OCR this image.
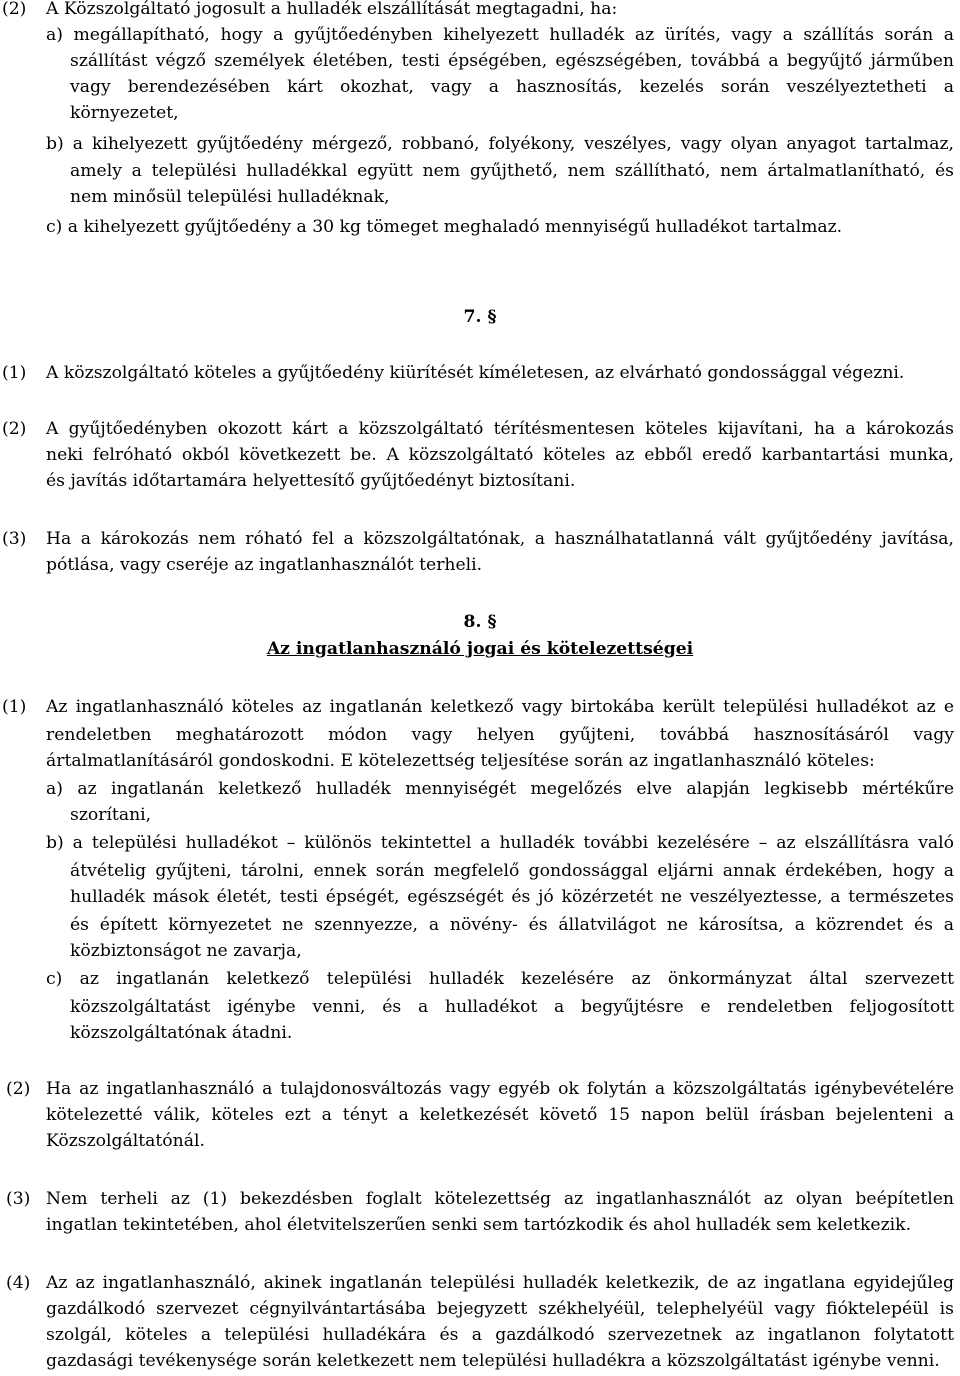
(2) A Közszolgáltató jogosult a hulladék elszállítását megtagadni, ha:
a) megállapítható, hogy a gyűjtőedényben kihelyezett hulladék az ürítés, vagy a szállítás során a
szállítást végző személyek életében, testi épségében, egészségében, továbbá a begyűjtő járműben
vagy berendezésében kárt okozhat, vagy a hasznosítás, kezelés során veszélyeztetheti a
környezetet,
b) a kihelyezett gyűjtőedény mérgező, robbanó, folyékony, veszélyes, vagy olyan anyagot tartalmaz,
amely a települési hulladékkal együtt nem gyűjthető, nem szállítható, nem ártalmatlanítható, és
nem minősül települési hulladéknak,
c) a kihelyezett gyűjtőedény a 30 kg tömeget meghaladó mennyiségű hulladékot tartalmaz.
7. §
(1) A közszolgáltató köteles a gyűjtőedény kiürítését kíméletesen, az elvárható gondossággal végezni.
(2) A gyűjtőedényben okozott kárt a közszolgáltató térítésmentesen köteles kijavítani, ha a károkozás
neki felróható okból következett be. A közszolgáltató köteles az ebből eredő karbantartási munka,
és javítás időtartamára helyettesítő gyűjtőedényt biztosítani.
(3) Ha a károkozás nem róható fel a közszolgáltatónak, a használhatatlanná vált gyűjtőedény javítása,
pótlása, vagy cseréje az ingatlanhasználót terheli.
8. §
Az ingatlanhasználó jogai és kötelezettségei
(1) Az ingatlanhasználó köteles az ingatlanán keletkező vagy birtokába került települési hulladékot az e
rendeletben meghatározott módon vagy helyen gyűjteni, továbbá hasznosításáról vagy
ártalmatlanításáról gondoskodni. E kötelezettség teljesítése során az ingatlanhasználó köteles:
a) az ingatlanán keletkező hulladék mennyiségét megelőzés elve alapján legkisebb mértékűre
szorítani,
b) a települési hulladékot – különös tekintettel a hulladék további kezelésére – az elszállításra való
átvételig gyűjteni, tárolni, ennek során megfelelő gondossággal eljárni annak érdekében, hogy a
hulladék mások életét, testi épségét, egészségét és jó közérzetét ne veszélyeztesse, a természetes
és épített környezetet ne szennyezze, a növény- és állatvilágot ne károsítsa, a közrendet és a
közbiztonságot ne zavarja,
c) az ingatlanán keletkező települési hulladék kezelésére az önkormányzat által szervezett
közszolgáltatást igénybe venni, és a hulladékot a begyűjtésre e rendeletben feljogosított
közszolgáltatónak átadni.
(2) Ha az ingatlanhasználó a tulajdonosváltozás vagy egyéb ok folytán a közszolgáltatás igénybevételére
kötelezetté válik, köteles ezt a tényt a keletkezését követő 15 napon belül írásban bejelenteni a
Közszolgáltatónál.
(3) Nem terheli az (1) bekezdésben foglalt kötelezettség az ingatlanhasználót az olyan beépítetlen
ingatlan tekintetében, ahol életvitelszerűen senki sem tartózkodik és ahol hulladék sem keletkezik.
(4) Az az ingatlanhasználó, akinek ingatlanán települési hulladék keletkezik, de az ingatlana egyidejűleg
gazdálkodó szervezet cégnyilvántartásába bejegyzett székhelyéül, telephelyéül vagy fióktelepéül is
szolgál, köteles a települési hulladékára és a gazdálkodó szervezetnek az ingatlanon folytatott
gazdasági tevékenysége során keletkezett nem települési hulladékra a közszolgáltatást igénybe venni.
